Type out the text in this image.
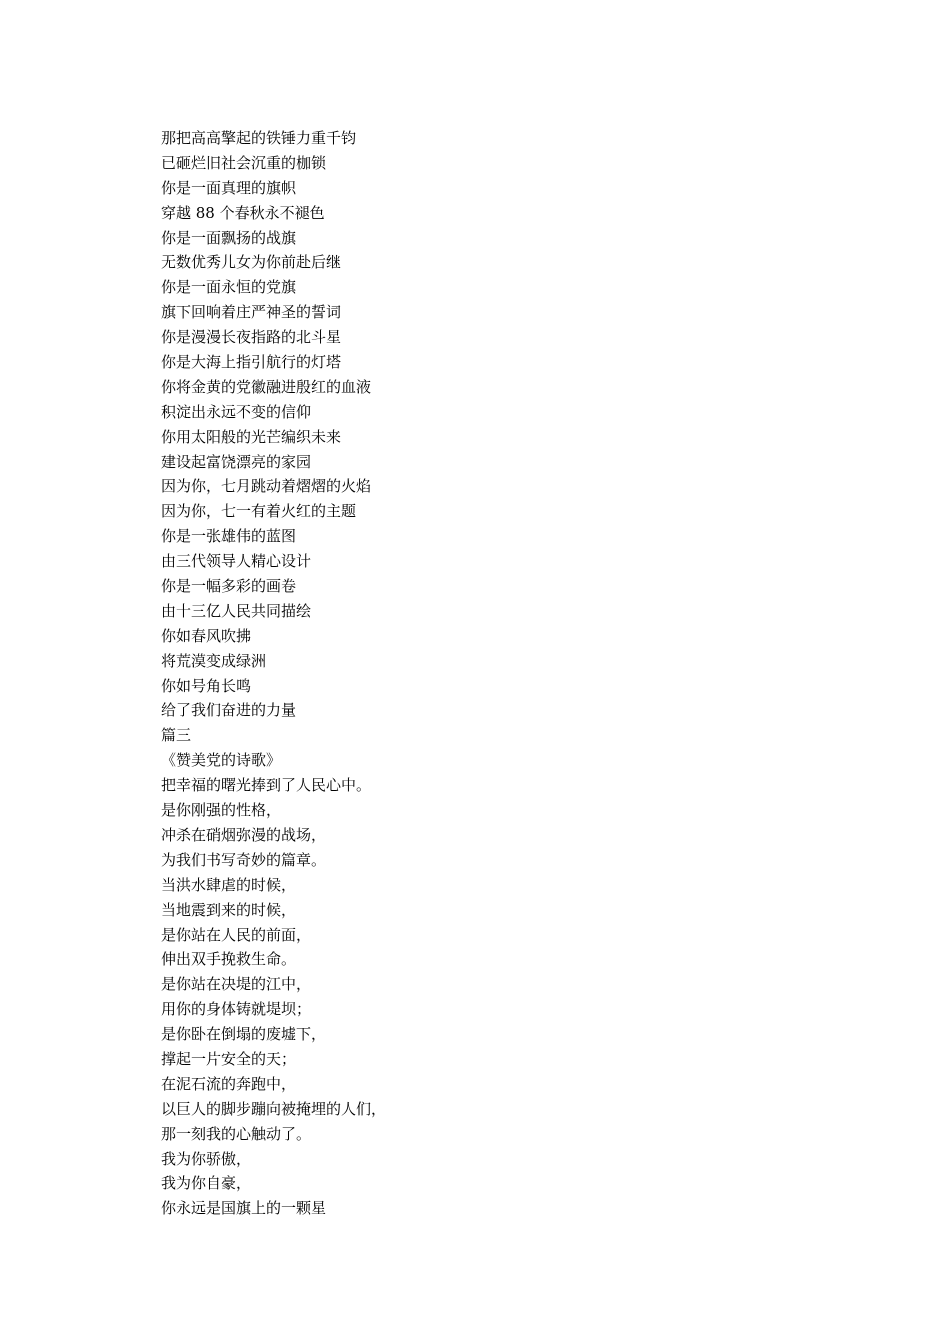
那把高高擎起的铁锤力重千钧
已砸烂旧社会沉重的枷锁
你是一面真理的旗帜
穿越 88 个春秋永不褪色
你是一面飘扬的战旗
无数优秀儿女为你前赴后继
你是一面永恒的党旗
旗下回响着庄严神圣的誓词
你是漫漫长夜指路的北斗星
你是大海上指引航行的灯塔
你将金黄的党徽融进殷红的血液
积淀出永远不变的信仰
你用太阳般的光芒编织未来
建设起富饶漂亮的家园
因为你，七月跳动着熠熠的火焰
因为你，七一有着火红的主题
你是一张雄伟的蓝图
由三代领导人精心设计
你是一幅多彩的画卷
由十三亿人民共同描绘
你如春风吹拂
将荒漠变成绿洲
你如号角长鸣
给了我们奋进的力量
篇三
《赞美党的诗歌》
把幸福的曙光捧到了人民心中。
是你刚强的性格，
冲杀在硝烟弥漫的战场，
为我们书写奇妙的篇章。
当洪水肆虐的时候，
当地震到来的时候，
是你站在人民的前面，
伸出双手挽救生命。
是你站在决堤的江中，
用你的身体铸就堤坝；
是你卧在倒塌的废墟下，
撑起一片安全的天；
在泥石流的奔跑中，
以巨人的脚步蹦向被掩埋的人们，
那一刻我的心触动了。
我为你骄傲，
我为你自豪，
你永远是国旗上的一颗星
